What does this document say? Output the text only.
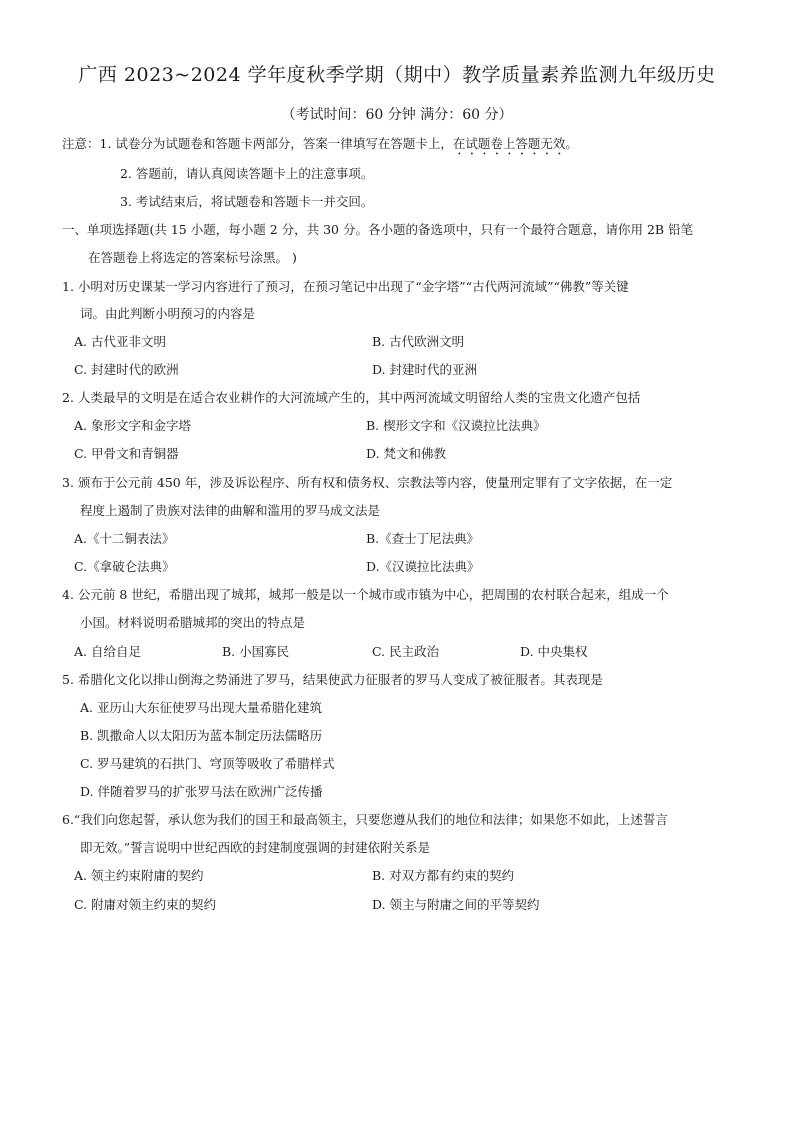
广西 2023~2024 学年度秋季学期（期中）教学质量素养监测九年级历史
（考试时间：60 分钟 满分：60 分）
注意：1. 试卷分为试题卷和答题卡两部分，答案一律填写在答题卡上，在试题卷上答题无效。
2. 答题前，请认真阅读答题卡上的注意事项。
3. 考试结束后，将试题卷和答题卡一并交回。
一、单项选择题(共 15 小题，每小题 2 分，共 30 分。各小题的备选项中，只有一个最符合题意，请你用 2B 铅笔
在答题卷上将选定的答案标号涂黑。 )
1. 小明对历史课某一学习内容进行了预习，在预习笔记中出现了“金字塔”“古代两河流域”“佛教”等关键
词。由此判断小明预习的内容是
A. 古代亚非文明	B. 古代欧洲文明
C. 封建时代的欧洲	D. 封建时代的亚洲
2. 人类最早的文明是在适合农业耕作的大河流域产生的，其中两河流域文明留给人类的宝贵文化遗产包括
A. 象形文字和金字塔	B. 楔形文字和《汉谟拉比法典》
C. 甲骨文和青铜器	D. 梵文和佛教
3. 颁布于公元前 450 年，涉及诉讼程序、所有权和债务权、宗教法等内容，使量刑定罪有了文字依据，在一定
程度上遏制了贵族对法律的曲解和滥用的罗马成文法是
A.《十二铜表法》	B.《查士丁尼法典》
C.《拿破仑法典》	D.《汉谟拉比法典》
4. 公元前 8 世纪，希腊出现了城邦，城邦一般是以一个城市或市镇为中心，把周围的农村联合起来，组成一个
小国。材料说明希腊城邦的突出的特点是
A. 自给自足	B. 小国寡民	C. 民主政治	D. 中央集权
5. 希腊化文化以排山倒海之势涌进了罗马，结果使武力征服者的罗马人变成了被征服者。其表现是
A. 亚历山大东征使罗马出现大量希腊化建筑
B. 凯撒命人以太阳历为蓝本制定历法儒略历
C. 罗马建筑的石拱门、穹顶等吸收了希腊样式
D. 伴随着罗马的扩张罗马法在欧洲广泛传播
6.“我们向您起誓，承认您为我们的国王和最高领主，只要您遵从我们的地位和法律；如果您不如此，上述誓言
即无效。”誓言说明中世纪西欧的封建制度强调的封建依附关系是
A. 领主约束附庸的契约	B. 对双方都有约束的契约
C. 附庸对领主约束的契约	D. 领主与附庸之间的平等契约
